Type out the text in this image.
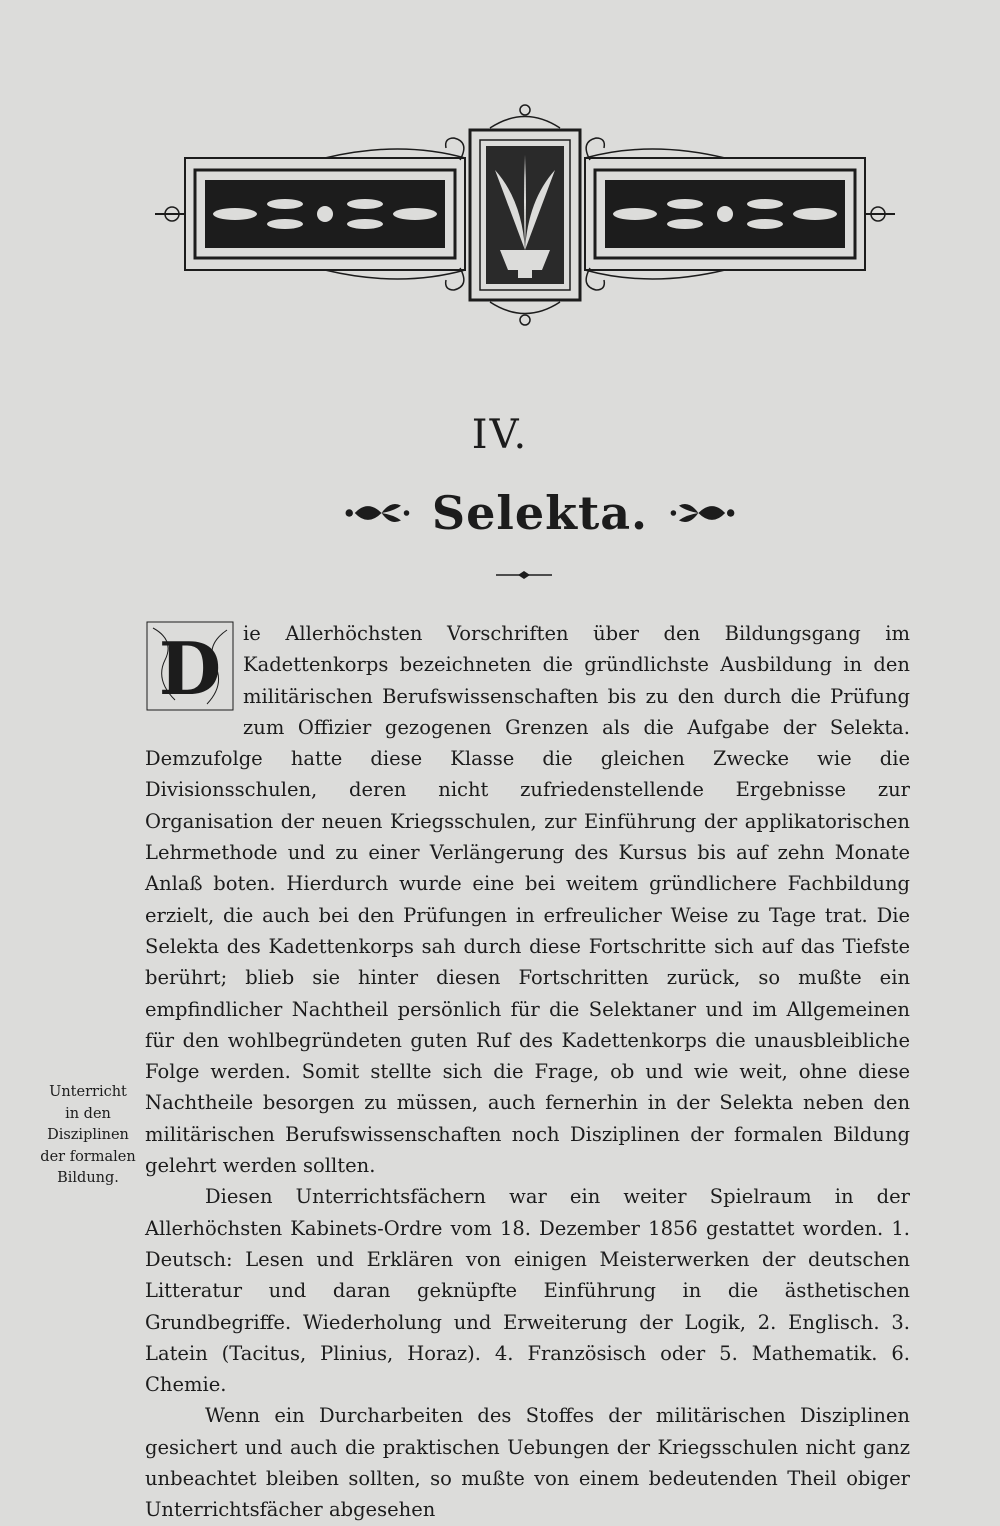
IV.
Selekta.

D ie Allerhöchsten Vorschriften über den Bildungsgang im Kadettenkorps bezeichneten die gründlichste Ausbildung in den militärischen Berufswissenschaften bis zu den durch die Prüfung zum Offizier gezogenen Grenzen als die Aufgabe der Selekta. Demzufolge hatte diese Klasse die gleichen Zwecke wie die Divisionsschulen, deren nicht zufriedenstellende Ergebnisse zur Organisation der neuen Kriegsschulen, zur Einführung der applikatorischen Lehrmethode und zu einer Verlängerung des Kursus bis auf zehn Monate Anlaß boten. Hierdurch wurde eine bei weitem gründlichere Fachbildung erzielt, die auch bei den Prüfungen in erfreulicher Weise zu Tage trat. Die Selekta des Kadettenkorps sah durch diese Fortschritte sich auf das Tiefste berührt; blieb sie hinter diesen Fortschritten zurück, so mußte ein empfindlicher Nachtheil persönlich für die Selektaner und im Allgemeinen für den wohlbegründeten guten Ruf des Kadettenkorps die unausbleibliche Folge werden. Somit stellte sich die Frage, ob und wie weit, ohne diese Nachtheile besorgen zu müssen, auch fernerhin in der Selekta neben den militärischen Berufswissenschaften noch Disziplinen der formalen Bildung gelehrt werden sollten.

Diesen Unterrichtsfächern war ein weiter Spielraum in der Allerhöchsten Kabinets-Ordre vom 18. Dezember 1856 gestattet worden. 1. Deutsch: Lesen und Erklären von einigen Meisterwerken der deutschen Litteratur und daran geknüpfte Einführung in die ästhetischen Grundbegriffe. Wiederholung und Erweiterung der Logik, 2. Englisch. 3. Latein (Tacitus, Plinius, Horaz). 4. Französisch oder 5. Mathematik. 6. Chemie.

Wenn ein Durcharbeiten des Stoffes der militärischen Disziplinen gesichert und auch die praktischen Uebungen der Kriegsschulen nicht ganz unbeachtet bleiben sollten, so mußte von einem bedeutenden Theil obiger Unterrichtsfächer abgesehen

Unterricht
in den
Disziplinen
der formalen
Bildung.
